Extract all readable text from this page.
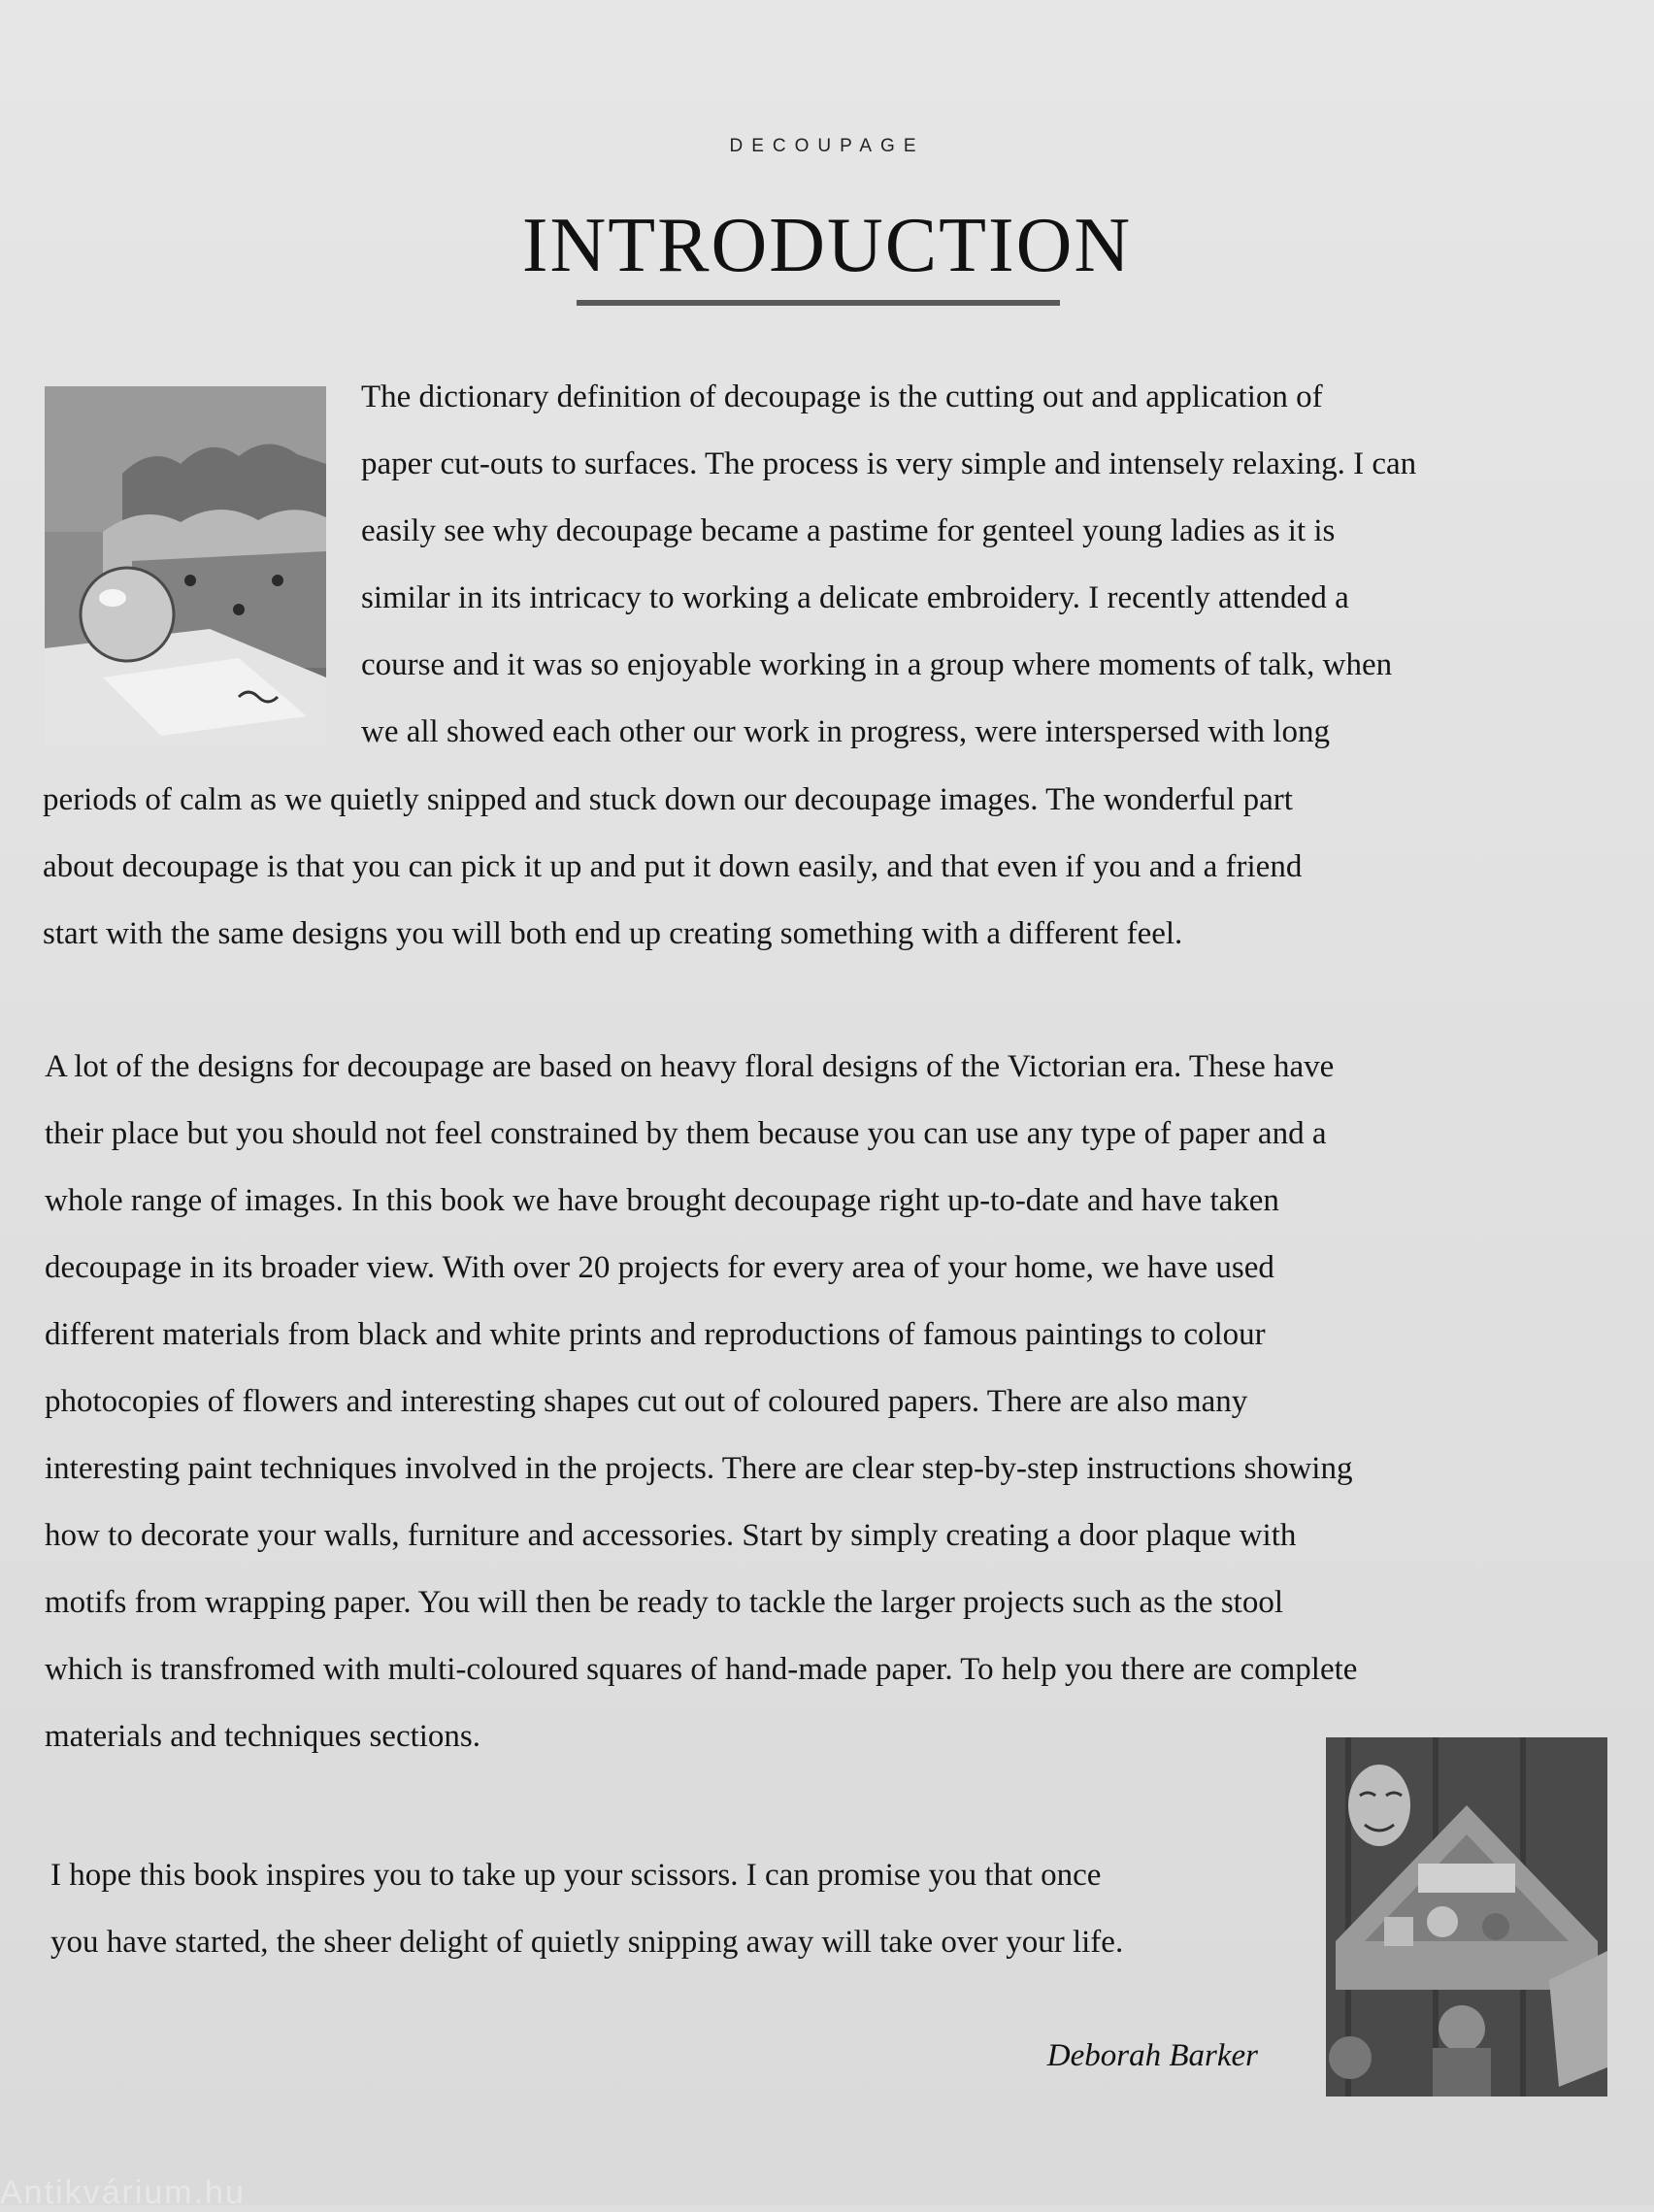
DECOUPAGE
INTRODUCTION

The dictionary definition of decoupage is the cutting out and application of
paper cut-outs to surfaces. The process is very simple and intensely relaxing. I can
easily see why decoupage became a pastime for genteel young ladies as it is
similar in its intricacy to working a delicate embroidery. I recently attended a
course and it was so enjoyable working in a group where moments of talk, when
we all showed each other our work in progress, were interspersed with long

periods of calm as we quietly snipped and stuck down our decoupage images. The wonderful part
about decoupage is that you can pick it up and put it down easily, and that even if you and a friend
start with the same designs you will both end up creating something with a different feel.

A lot of the designs for decoupage are based on heavy floral designs of the Victorian era. These have
their place but you should not feel constrained by them because you can use any type of paper and a
whole range of images. In this book we have brought decoupage right up-to-date and have taken
decoupage in its broader view. With over 20 projects for every area of your home, we have used
different materials from black and white prints and reproductions of famous paintings to colour
photocopies of flowers and interesting shapes cut out of coloured papers. There are also many
interesting paint techniques involved in the projects. There are clear step-by-step instructions showing
how to decorate your walls, furniture and accessories. Start by simply creating a door plaque with
motifs from wrapping paper. You will then be ready to tackle the larger projects such as the stool
which is transfromed with multi-coloured squares of hand-made paper. To help you there are complete
materials and techniques sections.

I hope this book inspires you to take up your scissors. I can promise you that once
you have started, the sheer delight of quietly snipping away will take over your life.

Deborah Barker
Antikvárium.hu
